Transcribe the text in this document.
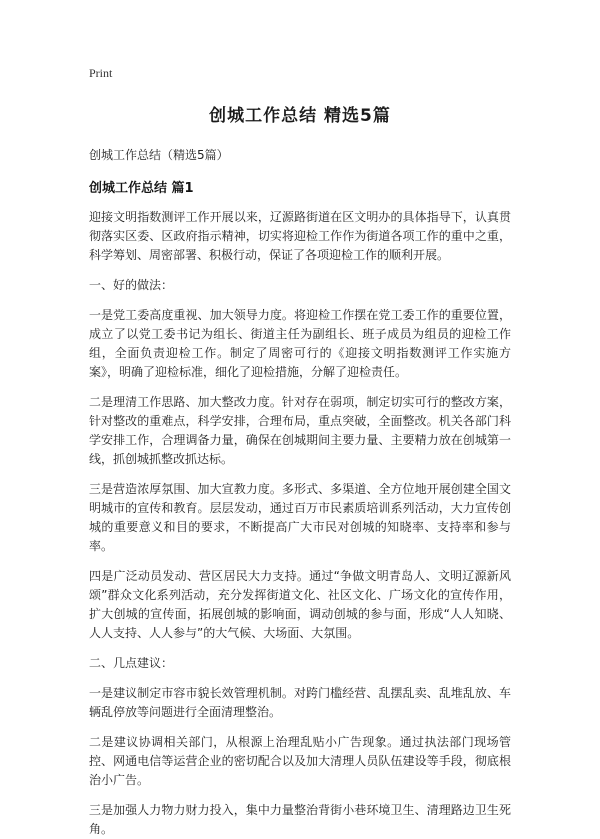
Print

创城工作总结 精选5篇

创城工作总结（精选5篇）

创城工作总结 篇1

迎接文明指数测评工作开展以来，辽源路街道在区文明办的具体指导下，认真贯彻落实区委、区政府指示精神，切实将迎检工作作为街道各项工作的重中之重，科学筹划、周密部署、积极行动，保证了各项迎检工作的顺利开展。

一、好的做法：

一是党工委高度重视、加大领导力度。将迎检工作摆在党工委工作的重要位置，成立了以党工委书记为组长、街道主任为副组长、班子成员为组员的迎检工作组，全面负责迎检工作。制定了周密可行的《迎接文明指数测评工作实施方案》，明确了迎检标准，细化了迎检措施，分解了迎检责任。

二是理清工作思路、加大整改力度。针对存在弱项，制定切实可行的整改方案，针对整改的重难点，科学安排，合理布局，重点突破，全面整改。机关各部门科学安排工作，合理调备力量，确保在创城期间主要力量、主要精力放在创城第一线，抓创城抓整改抓达标。

三是营造浓厚氛围、加大宣教力度。多形式、多渠道、全方位地开展创建全国文明城市的宣传和教育。层层发动，通过百万市民素质培训系列活动，大力宣传创城的重要意义和目的要求，不断提高广大市民对创城的知晓率、支持率和参与率。

四是广泛动员发动、营区居民大力支持。通过“争做文明青岛人、文明辽源新风颂”群众文化系列活动，充分发挥街道文化、社区文化、广场文化的宣传作用，扩大创城的宣传面，拓展创城的影响面，调动创城的参与面，形成“人人知晓、人人支持、人人参与”的大气候、大场面、大氛围。

二、几点建议：

一是建议制定市容市貌长效管理机制。对跨门槛经营、乱摆乱卖、乱堆乱放、车辆乱停放等问题进行全面清理整治。

二是建议协调相关部门，从根源上治理乱贴小广告现象。通过执法部门现场管控、网通电信等运营企业的密切配合以及加大清理人员队伍建设等手段，彻底根治小广告。

三是加强人力物力财力投入，集中力量整治背街小巷环境卫生、清理路边卫生死角。
